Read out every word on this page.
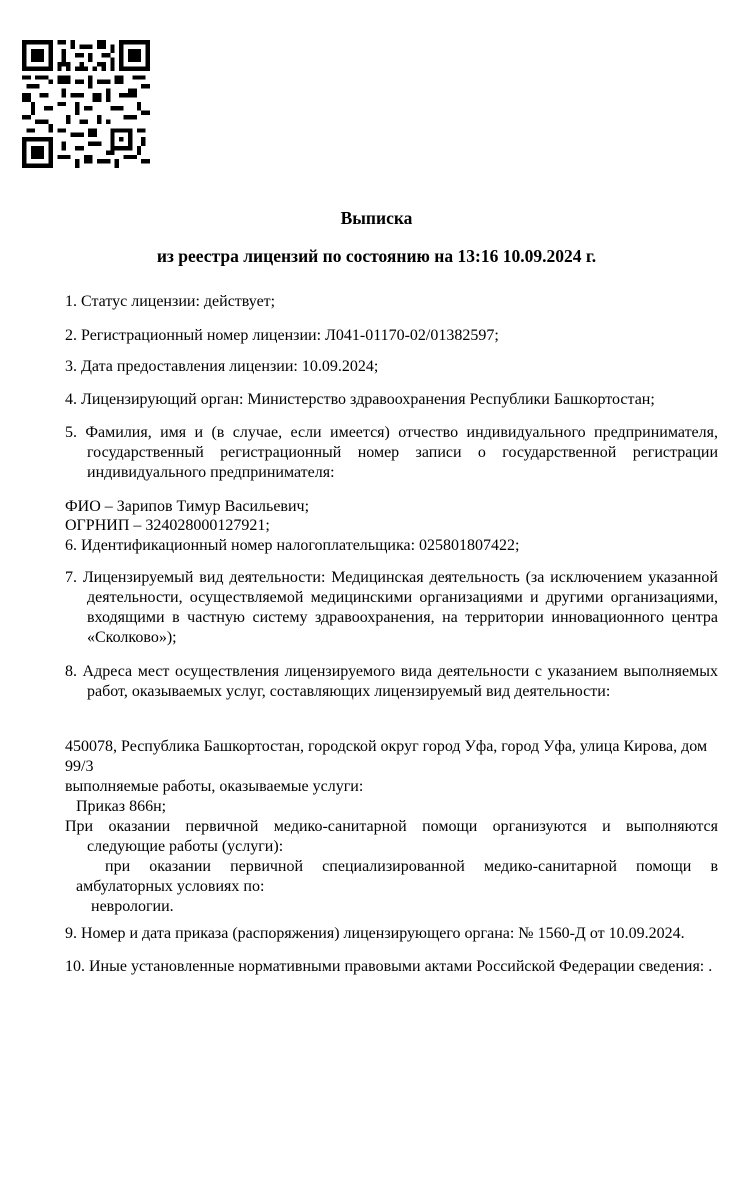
Выписка
из реестра лицензий по состоянию на 13:16 10.09.2024 г.
1. Статус лицензии: действует;
2. Регистрационный номер лицензии: Л041-01170-02/01382597;
3. Дата предоставления лицензии: 10.09.2024;
4. Лицензирующий орган: Министерство здравоохранения Республики Башкортостан;
5. Фамилия, имя и (в случае, если имеется) отчество индивидуального предпринимателя, государственный регистрационный номер записи о государственной регистрации индивидуального предпринимателя:
ФИО – Зарипов Тимур Васильевич;
ОГРНИП – 324028000127921;
6. Идентификационный номер налогоплательщика: 025801807422;
7. Лицензируемый вид деятельности: Медицинская деятельность (за исключением указанной деятельности, осуществляемой медицинскими организациями и другими организациями, входящими в частную систему здравоохранения, на территории инновационного центра «Сколково»);
8. Адреса мест осуществления лицензируемого вида деятельности с указанием выполняемых работ, оказываемых услуг, составляющих лицензируемый вид деятельности:
450078, Республика Башкортостан, городской округ город Уфа, город Уфа, улица Кирова, дом 99/3
выполняемые работы, оказываемые услуги:
Приказ 866н;
При оказании первичной медико-санитарной помощи организуются и выполняются следующие работы (услуги):
при оказании первичной специализированной медико-санитарной помощи в амбулаторных условиях по:
неврологии.
9. Номер и дата приказа (распоряжения) лицензирующего органа: № 1560-Д от 10.09.2024.
10. Иные установленные нормативными правовыми актами Российской Федерации сведения: .
